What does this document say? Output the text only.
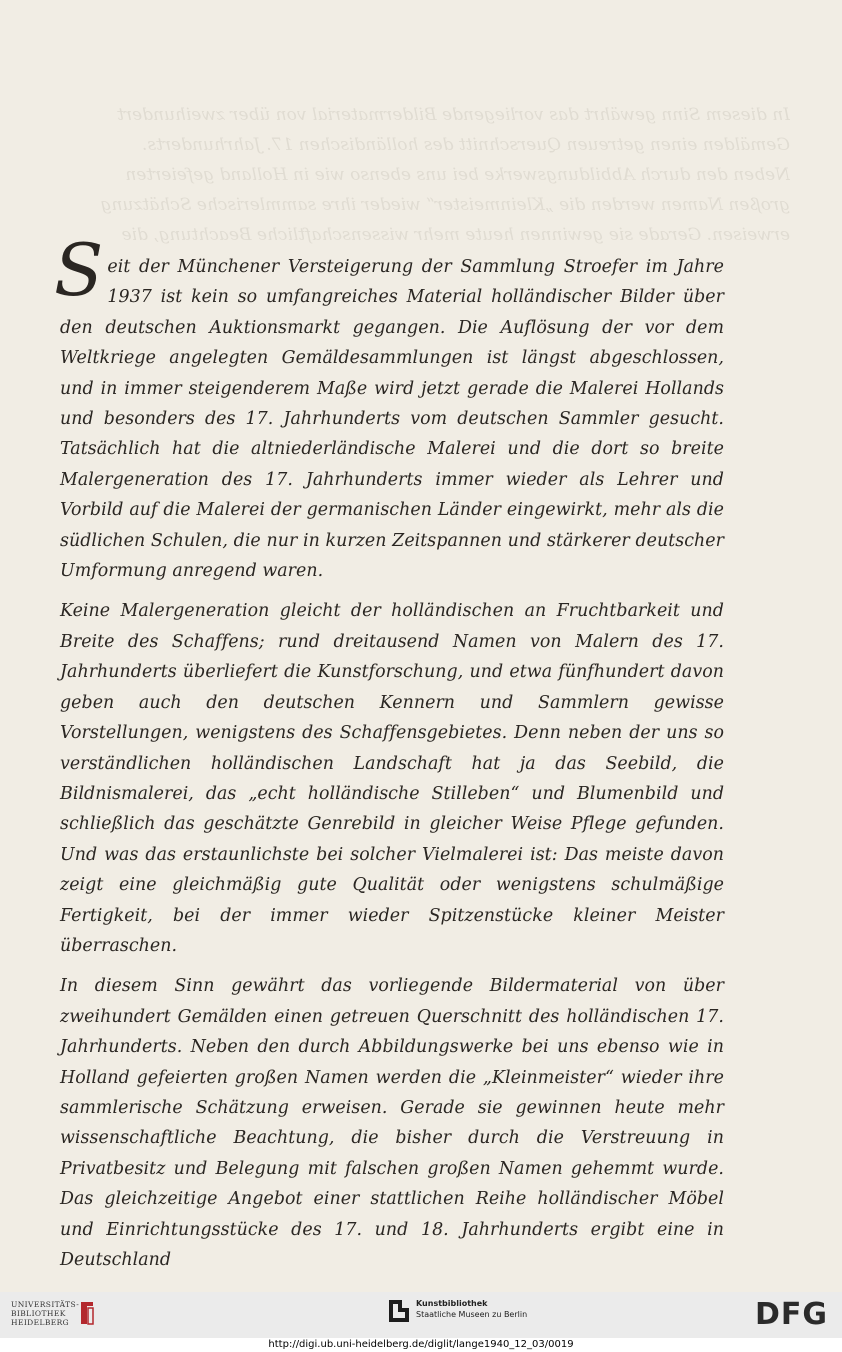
In diesem Sinn gewährt das vorliegende Bildermaterial von über zweihundert Gemälden einen getreuen Querschnitt des holländischen 17. Jahrhunderts. Neben den durch Abbildungswerke bei uns ebenso wie in Holland gefeierten großen Namen werden die „Kleinmeister“ wieder ihre sammlerische Schätzung erweisen. Gerade sie gewinnen heute mehr wissenschaftliche Beachtung, die

Seit der Münchener Versteigerung der Sammlung Stroefer im Jahre 1937 ist kein so umfangreiches Material holländischer Bilder über den deutschen Auktionsmarkt gegangen. Die Auflösung der vor dem Weltkriege angelegten Gemäldesammlungen ist längst abgeschlossen, und in immer steigenderem Maße wird jetzt gerade die Malerei Hollands und besonders des 17. Jahrhunderts vom deutschen Sammler gesucht. Tatsächlich hat die altniederländische Malerei und die dort so breite Malergeneration des 17. Jahrhunderts immer wieder als Lehrer und Vorbild auf die Malerei der germanischen Länder eingewirkt, mehr als die südlichen Schulen, die nur in kurzen Zeitspannen und stärkerer deutscher Umformung anregend waren.

Keine Malergeneration gleicht der holländischen an Fruchtbarkeit und Breite des Schaffens; rund dreitausend Namen von Malern des 17. Jahrhunderts überliefert die Kunstforschung, und etwa fünfhundert davon geben auch den deutschen Kennern und Sammlern gewisse Vorstellungen, wenigstens des Schaffensgebietes. Denn neben der uns so verständlichen holländischen Landschaft hat ja das Seebild, die Bildnismalerei, das „echt holländische Stilleben“ und Blumenbild und schließlich das geschätzte Genrebild in gleicher Weise Pflege gefunden. Und was das erstaunlichste bei solcher Vielmalerei ist: Das meiste davon zeigt eine gleichmäßig gute Qualität oder wenigstens schulmäßige Fertigkeit, bei der immer wieder Spitzenstücke kleiner Meister überraschen.

In diesem Sinn gewährt das vorliegende Bildermaterial von über zweihundert Gemälden einen getreuen Querschnitt des holländischen 17. Jahrhunderts. Neben den durch Abbildungswerke bei uns ebenso wie in Holland gefeierten großen Namen werden die „Kleinmeister“ wieder ihre sammlerische Schätzung erweisen. Gerade sie gewinnen heute mehr wissenschaftliche Beachtung, die bisher durch die Verstreuung in Privatbesitz und Belegung mit falschen großen Namen gehemmt wurde. Das gleichzeitige Angebot einer stattlichen Reihe holländischer Möbel und Einrichtungsstücke des 17. und 18. Jahrhunderts ergibt eine in Deutschland

UNIVERSITÄTS-
BIBLIOTHEK
HEIDELBERG
Kunstbibliothek
Staatliche Museen zu Berlin	DFG
http://digi.ub.uni-heidelberg.de/diglit/lange1940_12_03/0019
